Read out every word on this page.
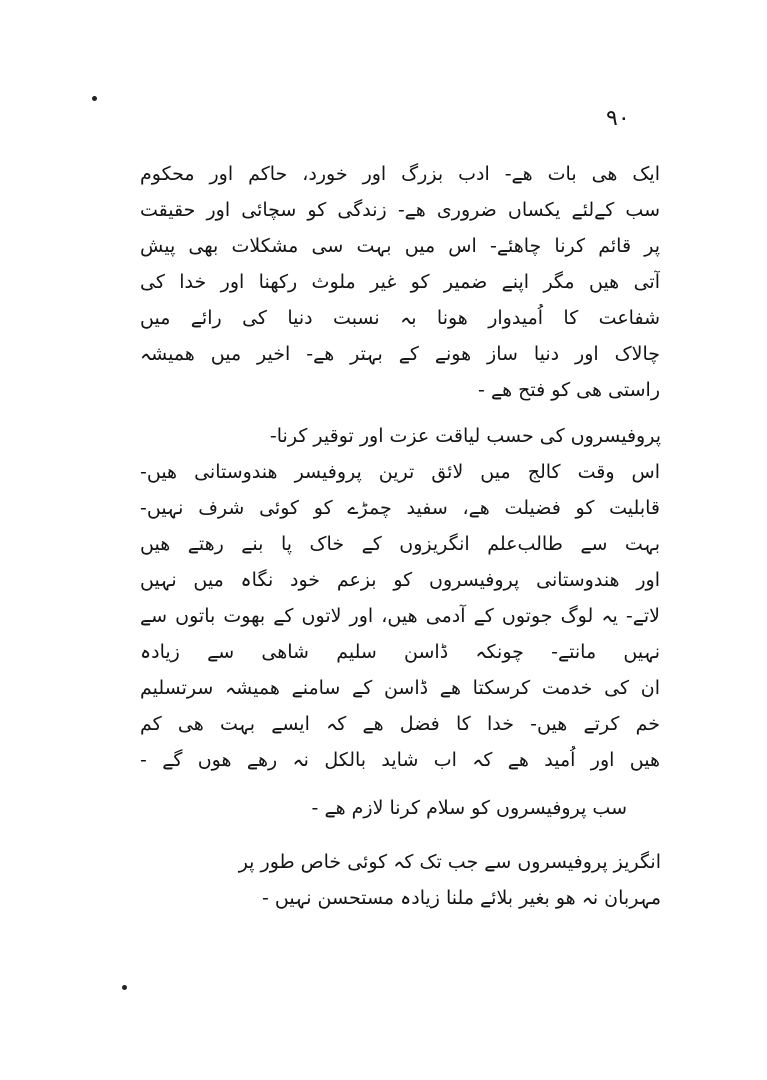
۹۰
ایک ھی بات ھے- ادب بزرگ اور خورد، حاکم اور محکوم
سب کےلئے یکساں ضروری ھے- زندگی کو سچائی اور حقیقت
پر قائم کرنا چاھئے- اس میں بہت سی مشکلات بھی پیش
آتی ھیں مگر اپنے ضمیر کو غیر ملوث رکھنا اور خدا کی
شفاعت کا اُمیدوار ھونا بہ نسبت دنیا کی رائے میں
چالاک اور دنیا ساز ھونے کے بہتر ھے- اخیر میں ھمیشہ
راستی ھی کو فتح ھے -
پروفیسروں کی حسب لیاقت عزت اور توقیر کرنا-
اس وقت کالج میں لائق ترین پروفیسر ھندوستانی ھیں-
قابلیت کو فضیلت ھے، سفید چمڑے کو کوئی شرف نہیں-
بہت سے طالب‌علم انگریزوں کے خاک پا بنے رھتے ھیں
اور ھندوستانی پروفیسروں کو بزعم خود نگاہ میں نہیں
لاتے- یہ لوگ جوتوں کے آدمی ھیں، اور لاتوں کے بھوت باتوں سے
نہیں مانتے- چونکہ ڈاسن سلیم شاھی سے زیادہ
ان کی خدمت کرسکتا ھے ڈاسن کے سامنے ھمیشہ سرتسلیم
خم کرتے ھیں- خدا کا فضل ھے کہ ایسے بہت ھی کم
ھیں اور اُمید ھے کہ اب شاید بالکل نہ رھے ھوں گے -
سب پروفیسروں کو سلام کرنا لازم ھے -
انگریز پروفیسروں سے جب تک کہ کوئی خاص طور پر
مہربان نہ ھو بغیر بلائے ملنا زیادہ مستحسن نہیں -
